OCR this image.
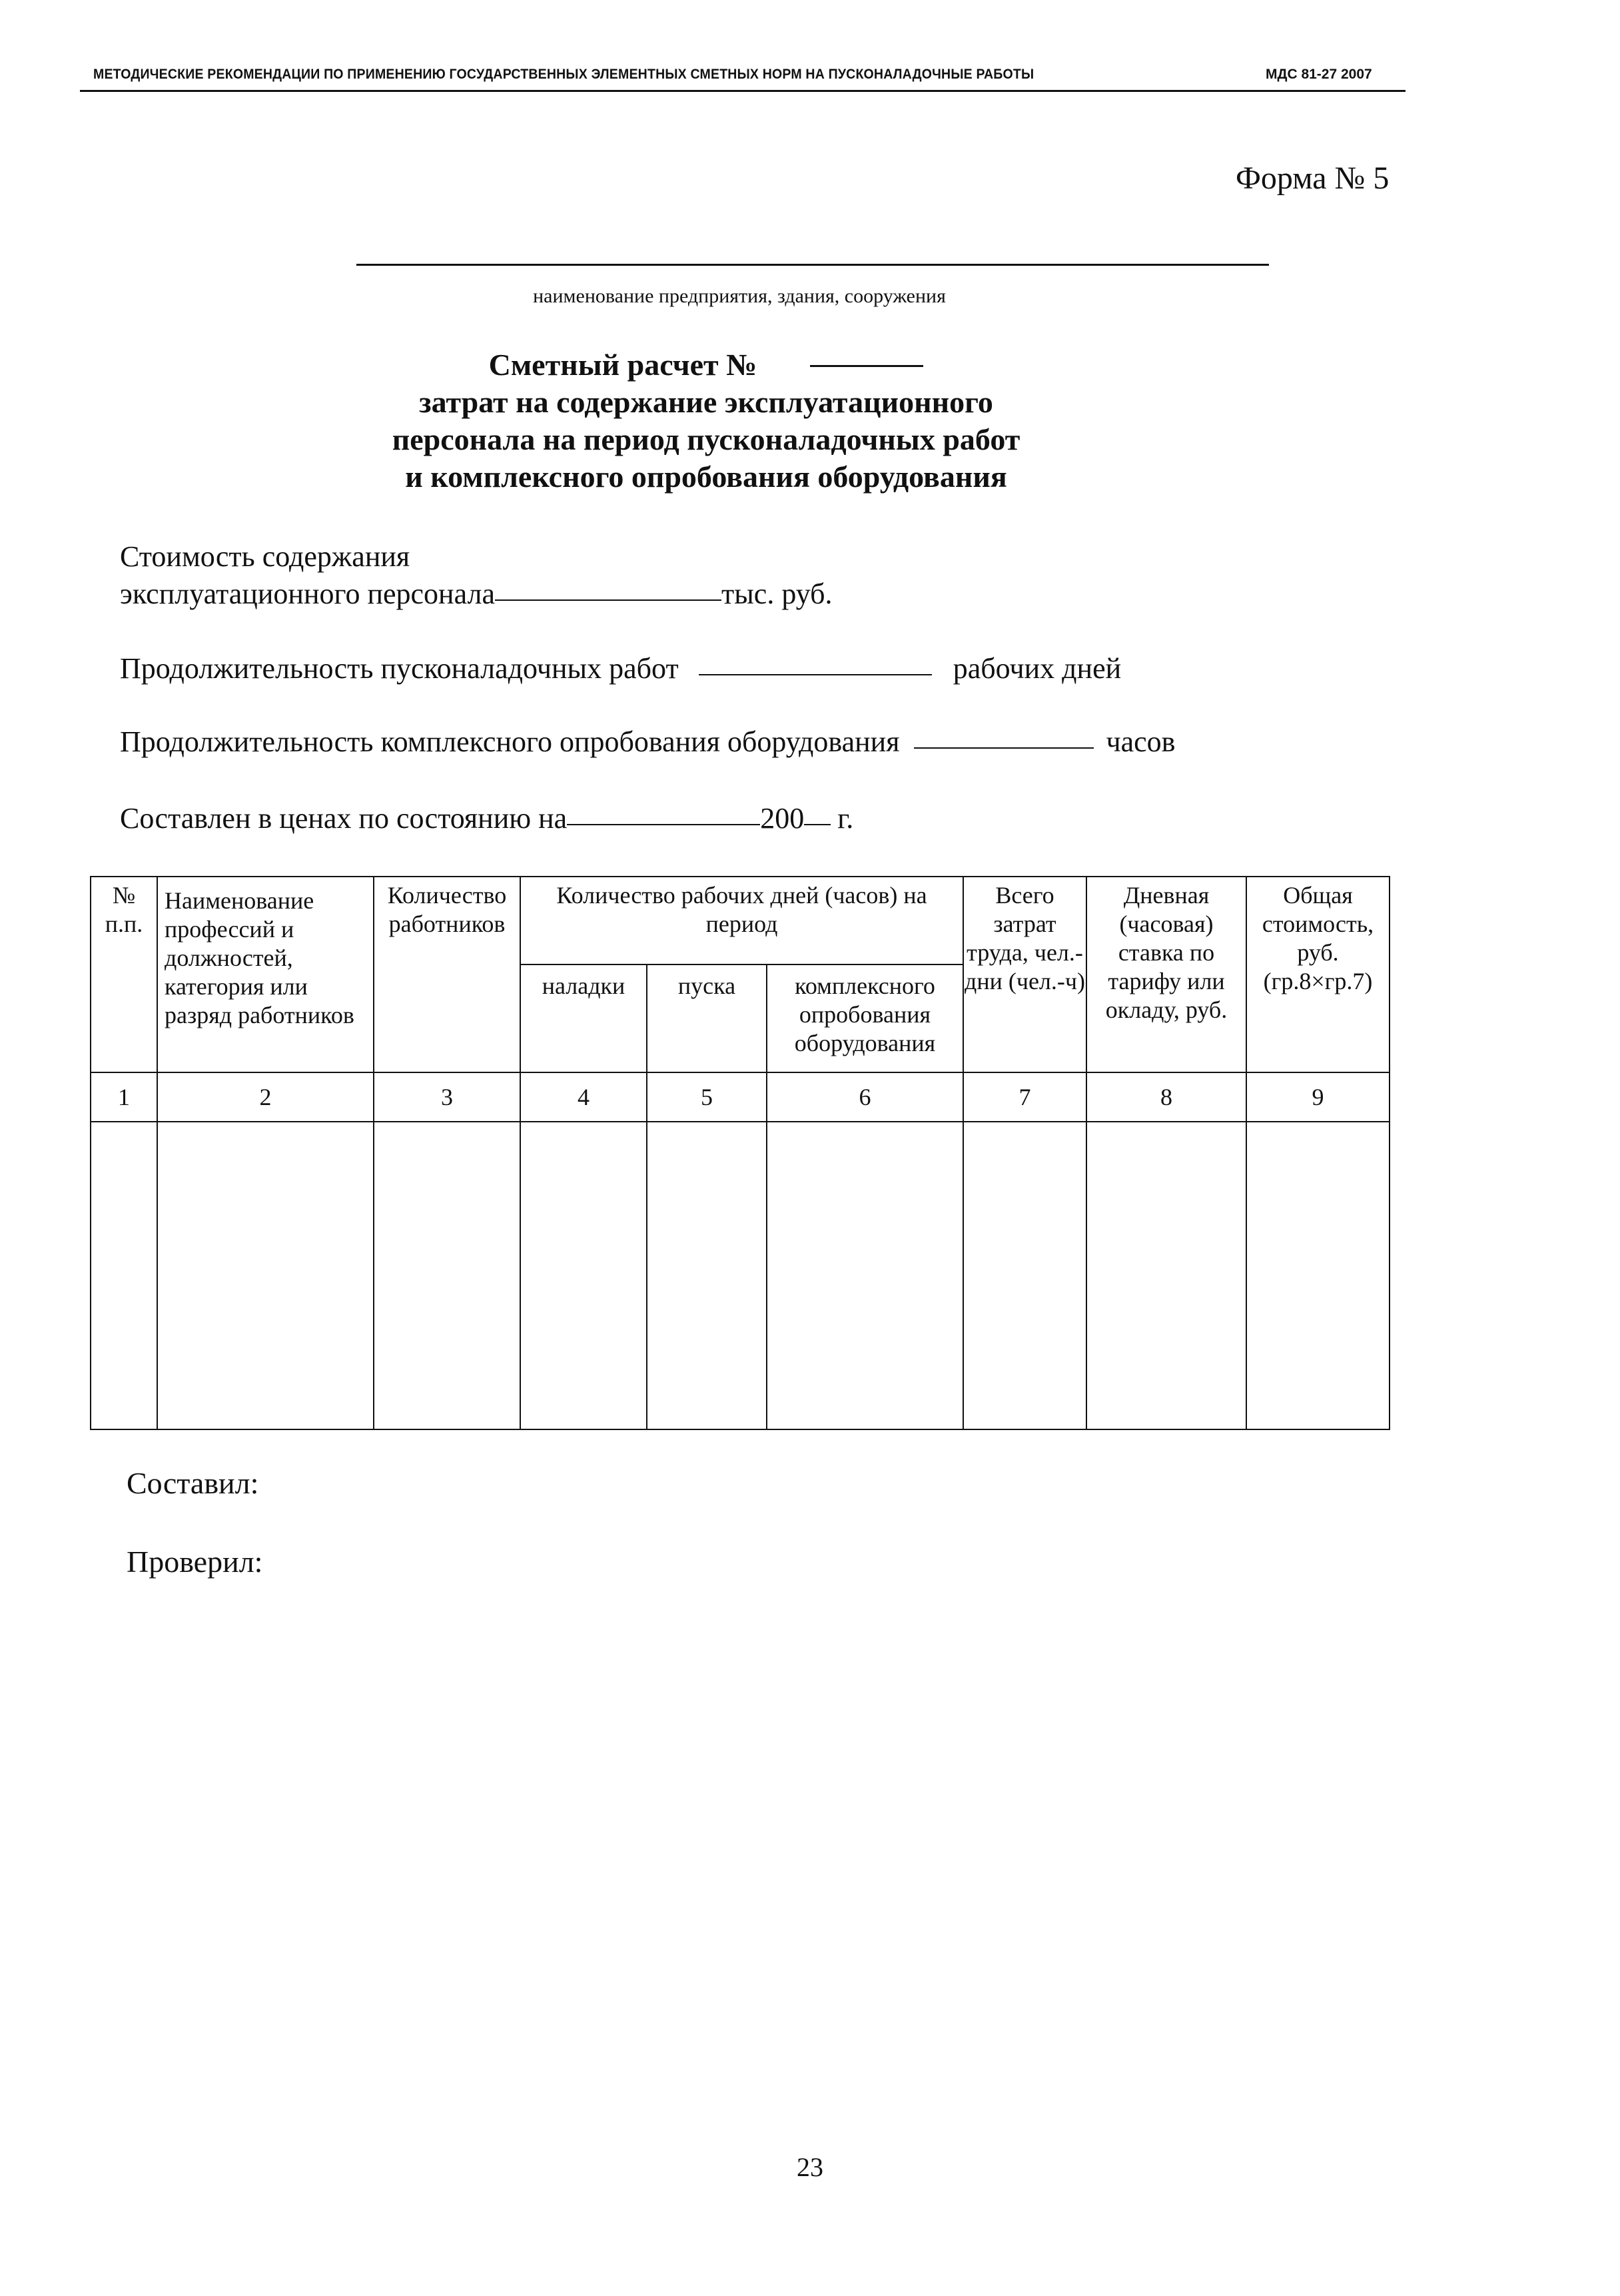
МЕТОДИЧЕСКИЕ РЕКОМЕНДАЦИИ ПО ПРИМЕНЕНИЮ ГОСУДАРСТВЕННЫХ ЭЛЕМЕНТНЫХ СМЕТНЫХ НОРМ НА ПУСКОНАЛАДОЧНЫЕ РАБОТЫ	МДС 81-27 2007
Форма № 5
наименование предприятия, здания, сооружения
Сметный расчет №
затрат на содержание эксплуатационного
персонала на период пусконаладочных работ
и комплексного опробования оборудования
Стоимость содержания
эксплуатационного персонала	тыс. руб.
Продолжительность пусконаладочных работ	рабочих дней
Продолжительность комплексного опробования оборудования	часов
Составлен в ценах по состоянию на	200 г.
№ п.п.	Наименование профессий и должностей, категория или разряд работников	Количество работников	Количество рабочих дней (часов) на период			Всего затрат труда, чел.-дни (чел.-ч)	Дневная (часовая) ставка по тарифу или окладу, руб.	Общая стоимость, руб. (гр.8×гр.7)
			наладки	пуска	комплексного опробования оборудования			
1	2	3	4	5	6	7	8	9

Составил:
Проверил:
23
